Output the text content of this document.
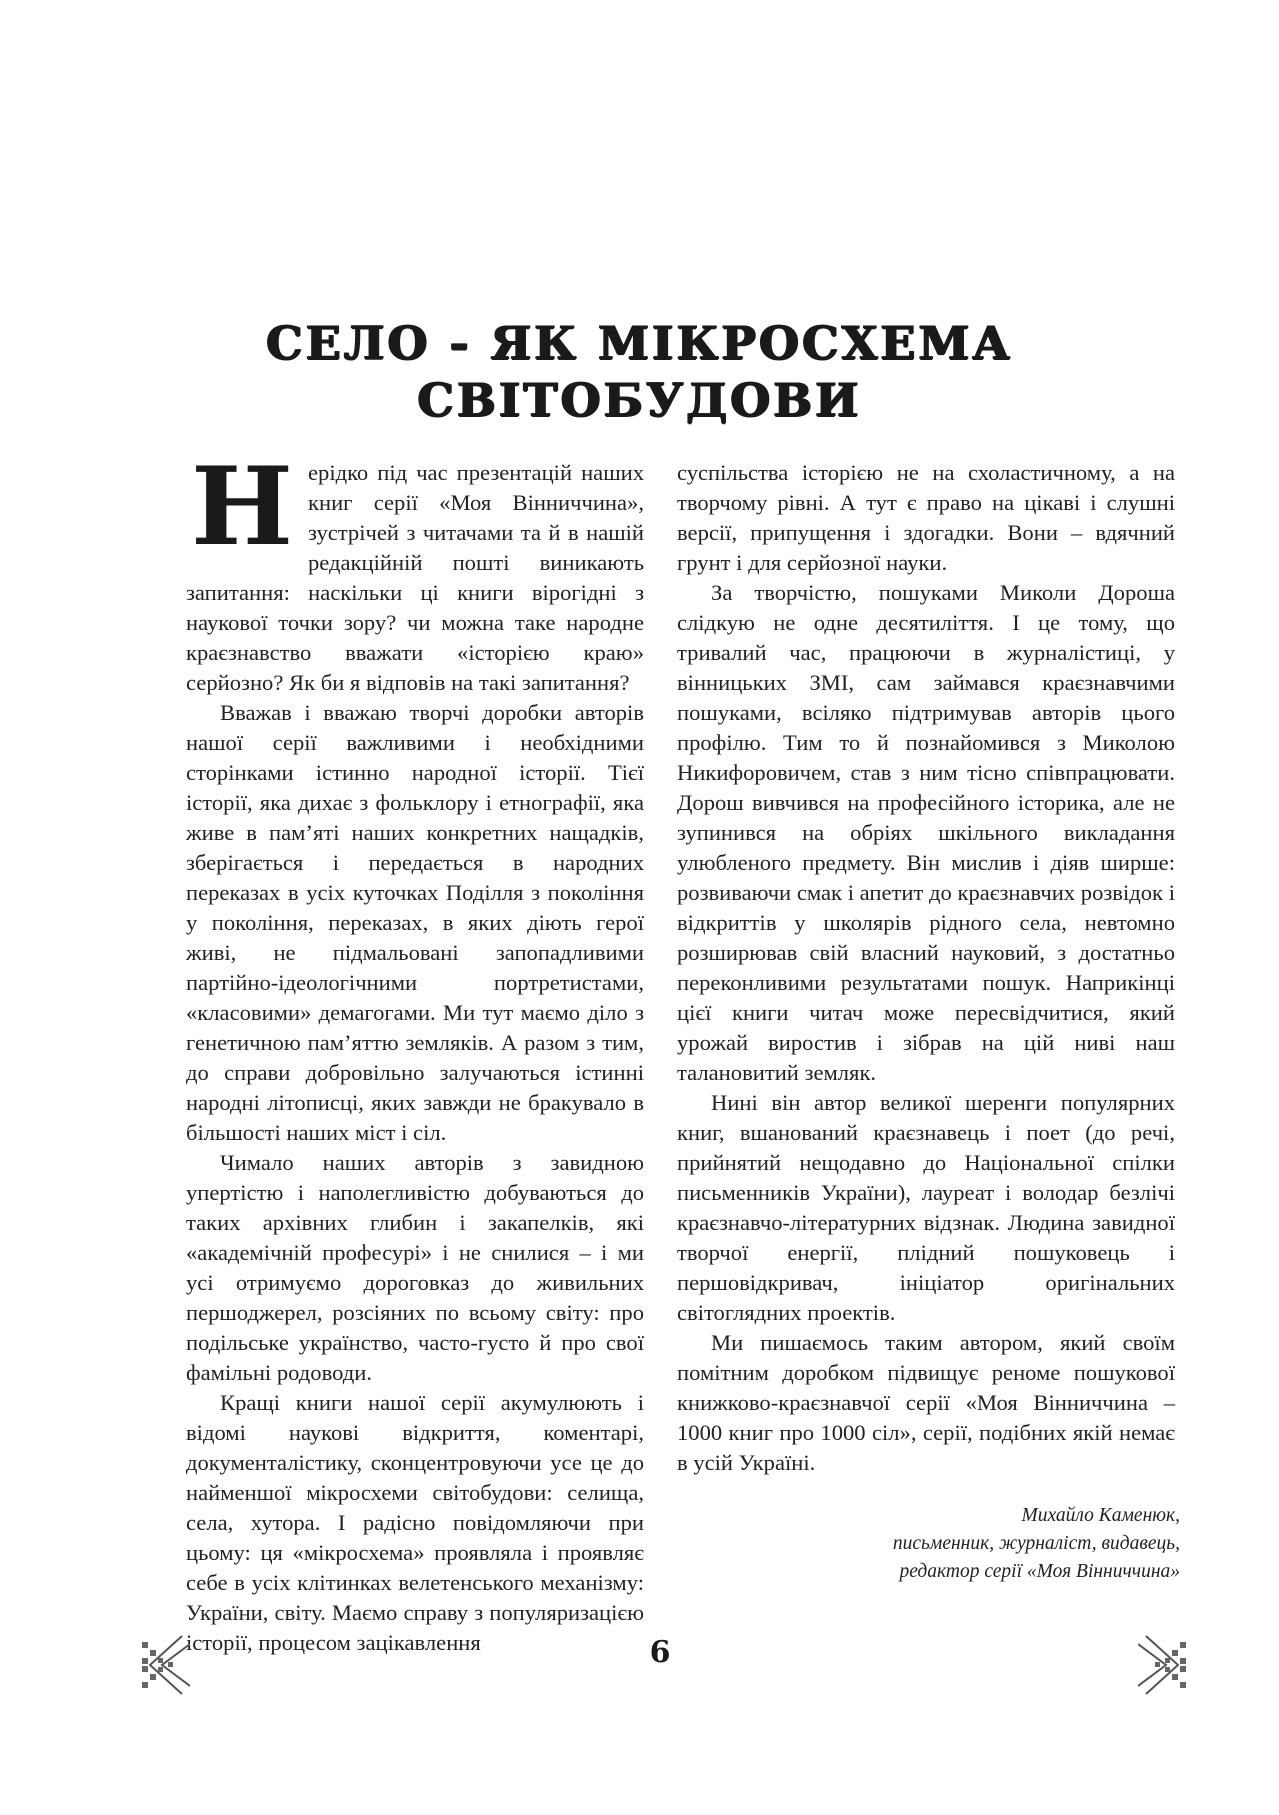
СЕЛО - ЯК МІКРОСХЕМА
СВІТОБУДОВИ
Н ерідко під час презентацій наших книг серії «Моя Вінниччина», зустрічей з читачами та й в нашій редакційній пошті виникають запитання: наскільки ці книги вірогідні з наукової точки зору? чи можна таке народне краєзнавство вважати «історією краю» серйозно? Як би я відповів на такі запитання?

Вважав і вважаю творчі доробки авторів нашої серії важливими і необхідними сторінками істинно народної історії. Тієї історії, яка дихає з фольклору і етнографії, яка живе в пам’яті наших конкретних нащадків, зберігається і передається в народних переказах в усіх куточках Поділля з покоління у покоління, переказах, в яких діють герої живі, не підмальовані запопадливими партійно-ідеологічними портретистами, «класовими» демагогами. Ми тут маємо діло з генетичною пам’яттю земляків. А разом з тим, до справи добровільно залучаються істинні народні літописці, яких завжди не бракувало в більшості наших міст і сіл.

Чимало наших авторів з завидною упертістю і наполегливістю добуваються до таких архівних глибин і закапелків, які «академічній професурі» і не снилися – і ми усі отримуємо дороговказ до живильних першоджерел, розсіяних по всьому світу: про подільське українство, часто-густо й про свої фамільні родоводи.

Кращі книги нашої серії акумулюють і відомі наукові відкриття, коментарі, документалістику, сконцентровуючи усе це до найменшої мікросхеми світобудови: селища, села, хутора. І радісно повідомляючи при цьому: ця «мікросхема» проявляла і проявляє себе в усіх клітинках велетенського механізму: України, світу. Маємо справу з популяризацією історії, процесом зацікавлення

суспільства історією не на схоластичному, а на творчому рівні. А тут є право на цікаві і слушні версії, припущення і здогадки. Вони – вдячний грунт і для серйозної науки.

За творчістю, пошуками Миколи Дороша слідкую не одне десятиліття. І це тому, що тривалий час, працюючи в журналістиці, у вінницьких ЗМІ, сам займався краєзнавчими пошуками, всіляко підтримував авторів цього профілю. Тим то й познайомився з Миколою Никифоровичем, став з ним тісно співпрацювати. Дорош вивчився на професійного історика, але не зупинився на обріях шкільного викладання улюбленого предмету. Він мислив і діяв ширше: розвиваючи смак і апетит до краєзнавчих розвідок і відкриттів у школярів рідного села, невтомно розширював свій власний науковий, з достатньо переконливими результатами пошук. Наприкінці цієї книги читач може пересвідчитися, який урожай виростив і зібрав на цій ниві наш талановитий земляк.

Нині він автор великої шеренги популярних книг, вшанований краєзнавець і поет (до речі, прийнятий нещодавно до Національної спілки письменників України), лауреат і володар безлічі краєзнавчо-літературних відзнак. Людина завидної творчої енергії, плідний пошуковець і першовідкривач, ініціатор оригінальних світоглядних проектів.

Ми пишаємось таким автором, який своїм помітним доробком підвищує реноме пошукової книжково-краєзнавчої серії «Моя Вінниччина – 1000 книг про 1000 сіл», серії, подібних якій немає в усій Україні.

Михайло Каменюк,
письменник, журналіст, видавець,
редактор серії «Моя Вінниччина»
6
